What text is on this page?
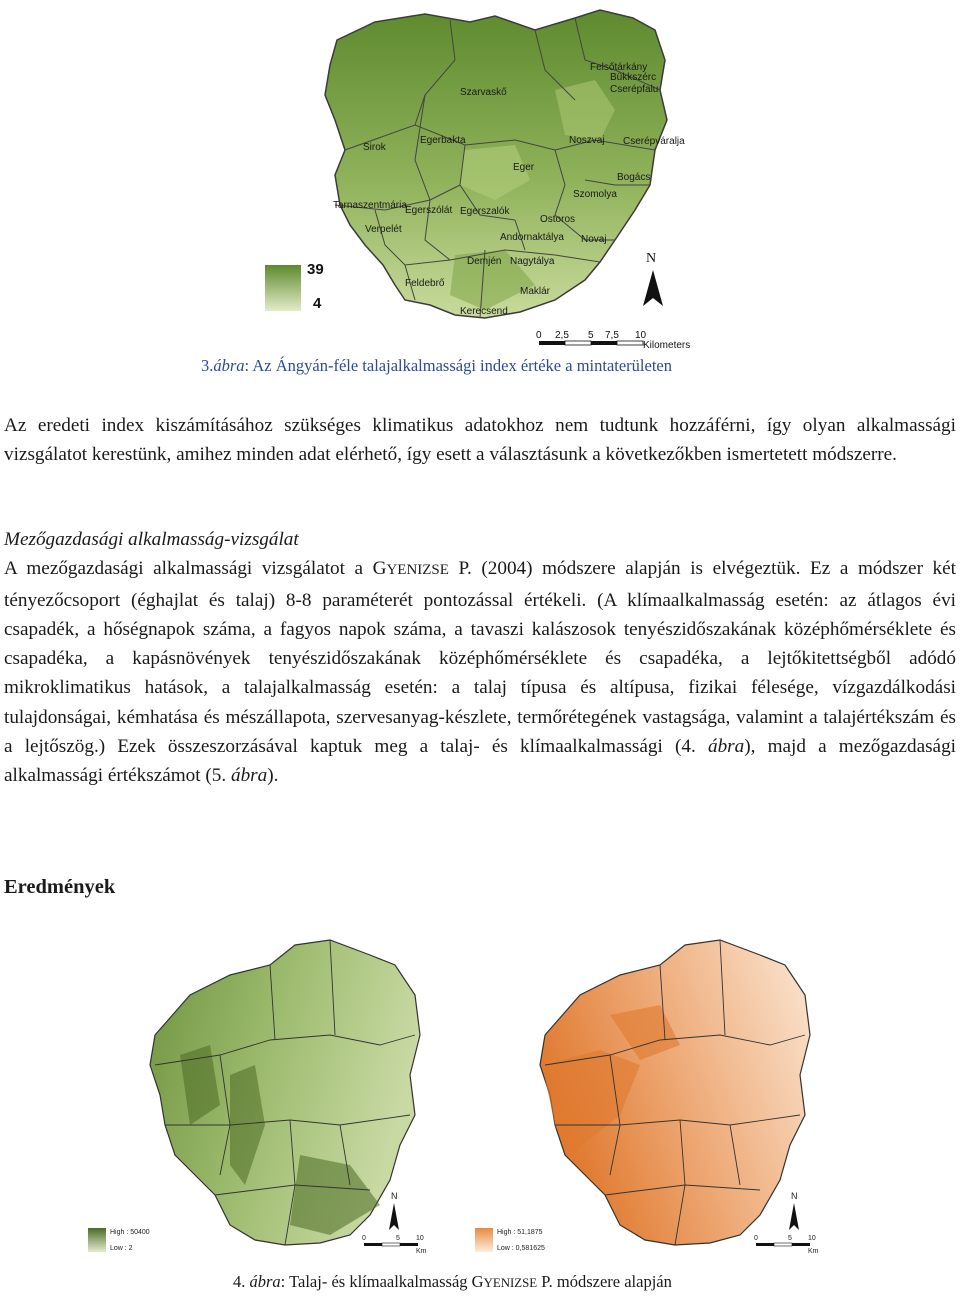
Felsőtárkány
Bükkszérc
Cserépfalu
Szarvaskő
Sirok
Egerbakta	Noszvaj Cserépváralja
Eger
Bogács
Szomolya
Tarnaszentmária
Egerszólát Egerszalók
Ostoros
Verpelét
Andornaktálya Novaj
Demjén Nagytálya
Feldebrő
Maklár
Kerecsend
39
4
N
0 2,5 5 7,5 10
Kilometers
3.ábra: Az Ángyán-féle talajalkalmassági index értéke a mintaterületen

Az eredeti index kiszámításához szükséges klimatikus adatokhoz nem tudtunk hozzáférni, így olyan alkalmassági vizsgálatot kerestünk, amihez minden adat elérhető, így esett a választásunk a következőkben ismertetett módszerre.

Mezőgazdasági alkalmasság-vizsgálat
A mezőgazdasági alkalmassági vizsgálatot a GYENIZSE P. (2004) módszere alapján is elvégeztük. Ez a módszer két tényezőcsoport (éghajlat és talaj) 8-8 paraméterét pontozással értékeli. (A klímaalkalmasság esetén: az átlagos évi csapadék, a hőségnapok száma, a fagyos napok száma, a tavaszi kalászosok tenyészidőszakának középhőmérséklete és csapadéka, a kapásnövények tenyészidőszakának középhőmérséklete és csapadéka, a lejtőkitettségből adódó mikroklimatikus hatások, a talajalkalmasság esetén: a talaj típusa és altípusa, fizikai félesége, vízgazdálkodási tulajdonságai, kémhatása és mészállapota, szervesanyag-készlete, termőrétegének vastagsága, valamint a talajértékszám és a lejtőszög.) Ezek összeszorzásával kaptuk meg a talaj- és klímaalkalmassági (4. ábra), majd a mezőgazdasági alkalmassági értékszámot (5. ábra).
Eredmények
High : 50400
Low : 2
N
0	5 10
Km
High : 51,1875
Low : 0,581625
N
0	5 10
Km
4. ábra: Talaj- és klímaalkalmasság GYENIZSE P. módszere alapján
